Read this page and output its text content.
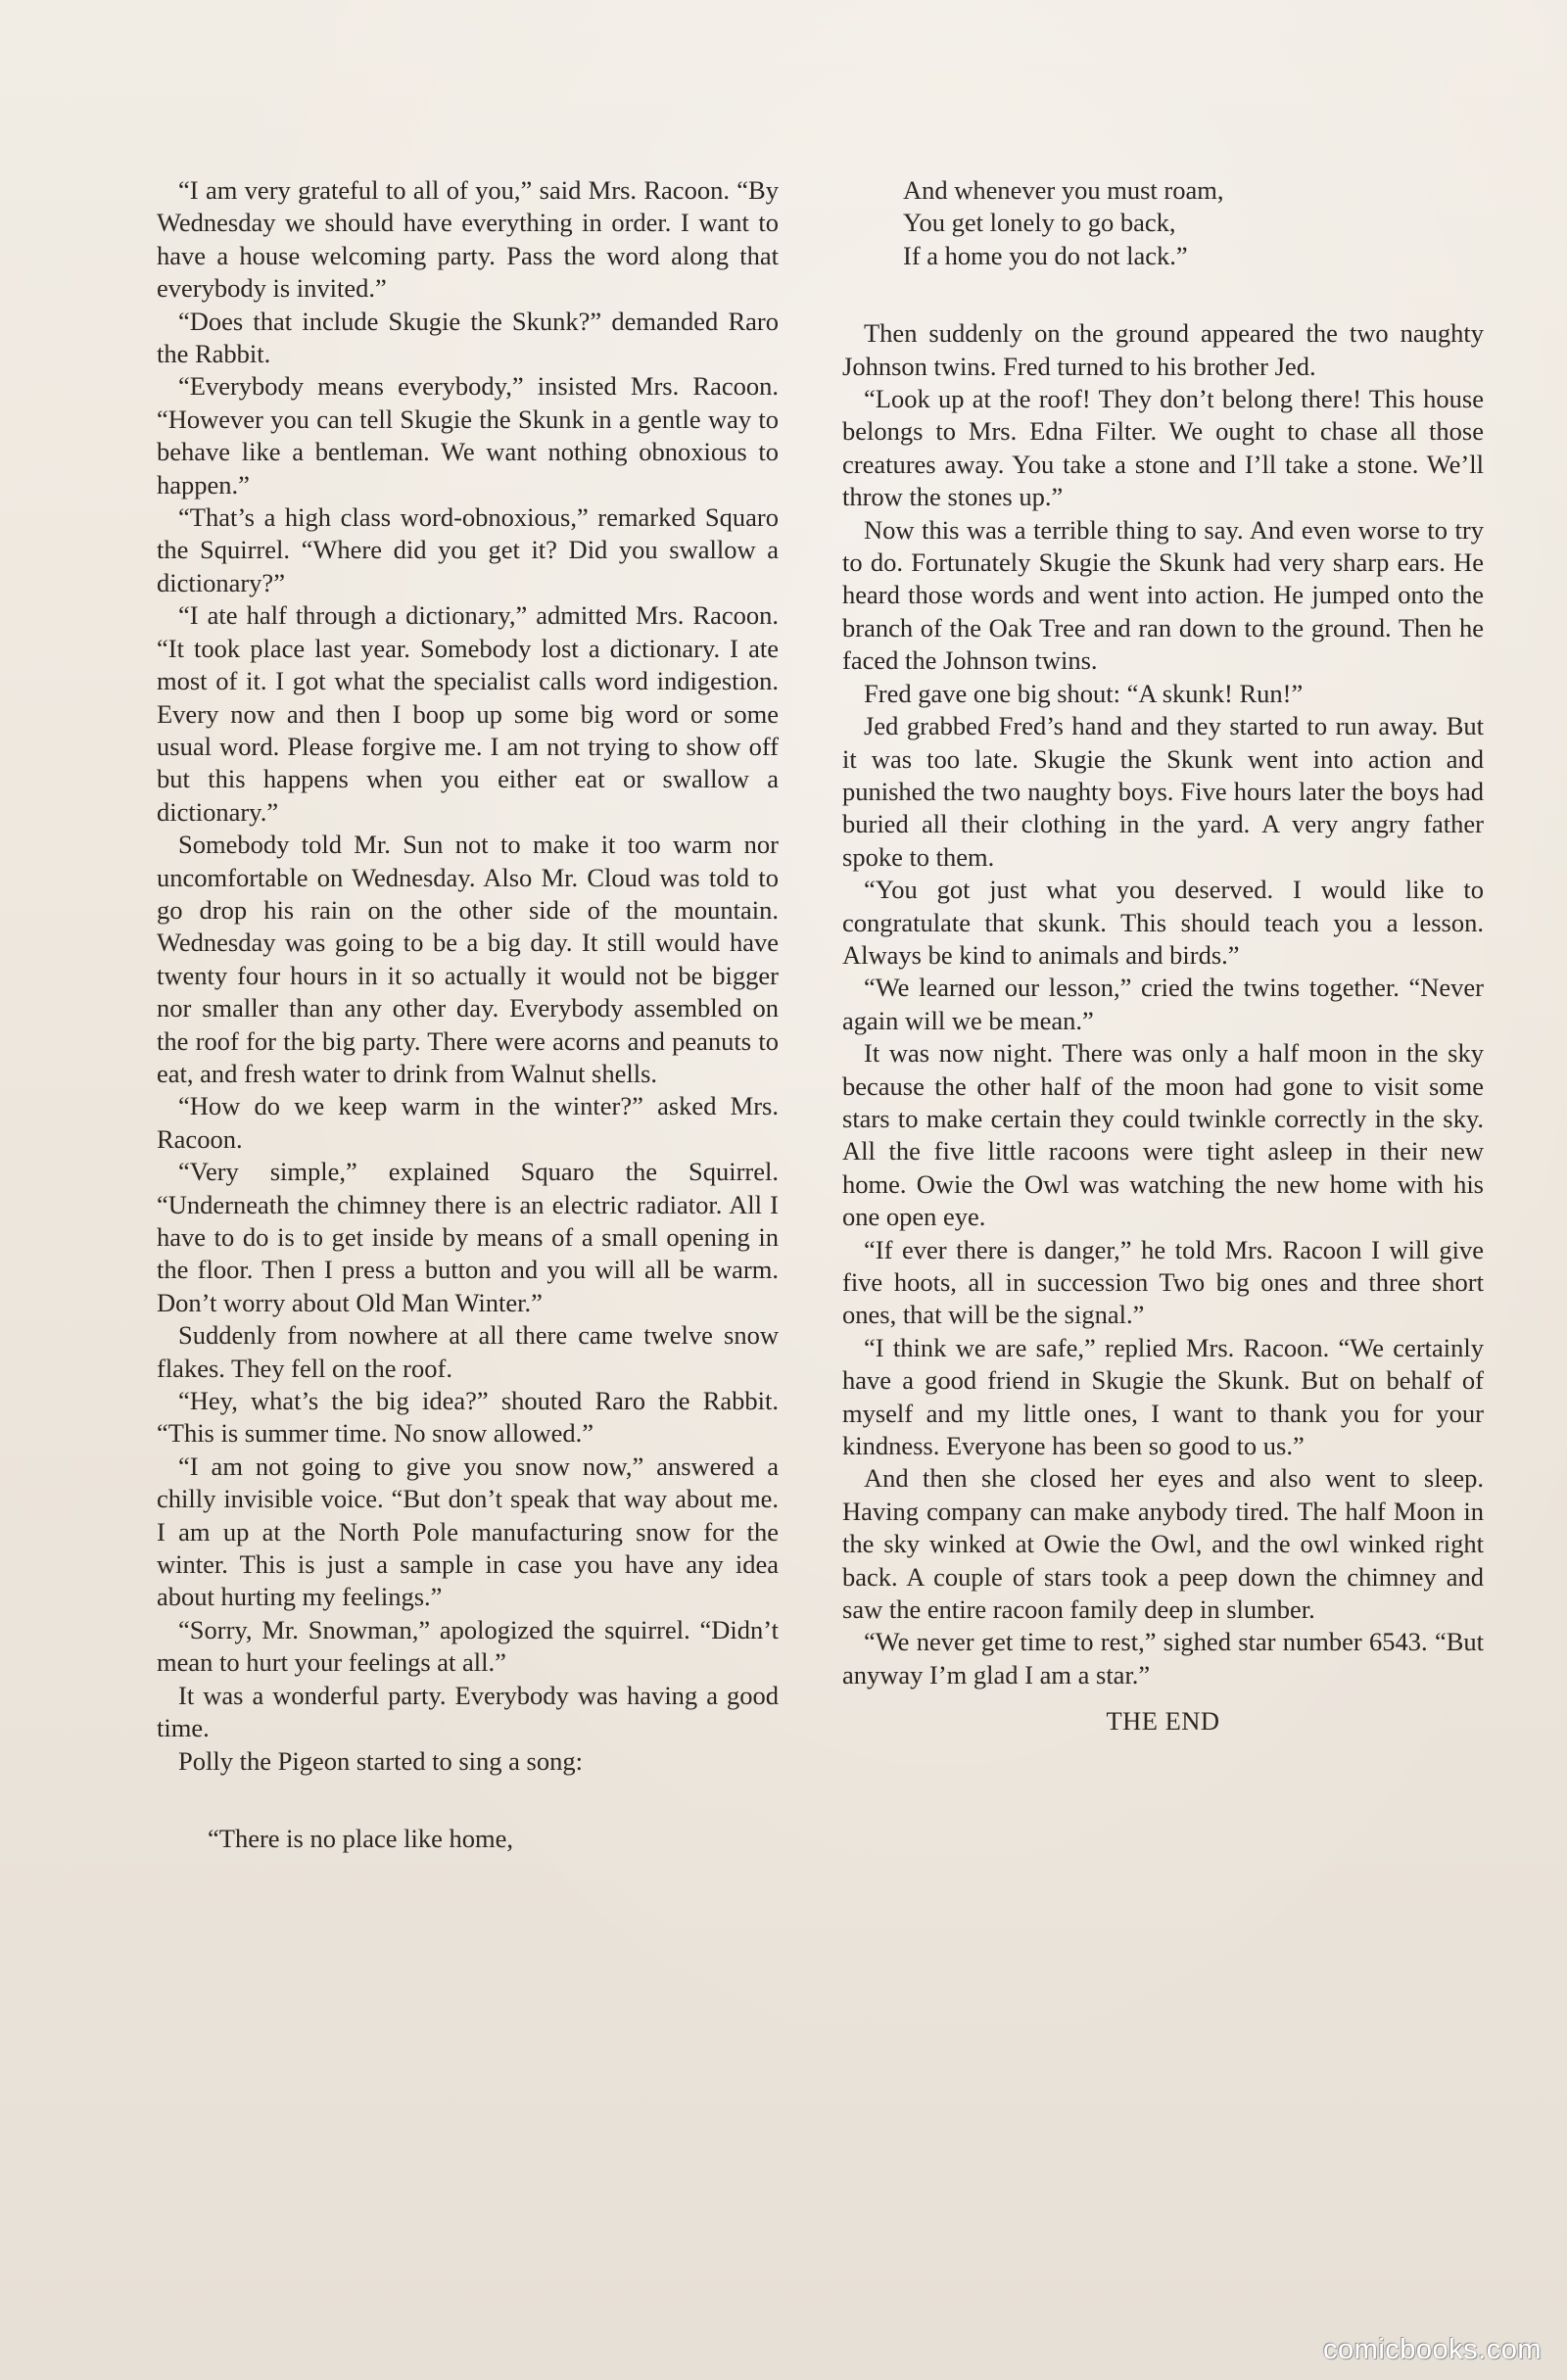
“I am very grateful to all of you,” said Mrs. Racoon. “By Wednesday we should have everything in order. I want to have a house welcoming party. Pass the word along that everybody is invited.”

“Does that include Skugie the Skunk?” demanded Raro the Rabbit.

“Everybody means everybody,” insisted Mrs. Racoon. “However you can tell Skugie the Skunk in a gentle way to behave like a bentleman. We want nothing obnoxious to happen.”

“That’s a high class word-obnoxious,” remarked Squaro the Squirrel. “Where did you get it? Did you swallow a dictionary?”

“I ate half through a dictionary,” admitted Mrs. Racoon. “It took place last year. Somebody lost a dictionary. I ate most of it. I got what the specialist calls word indigestion. Every now and then I boop up some big word or some usual word. Please forgive me. I am not trying to show off but this happens when you either eat or swallow a dictionary.”

Somebody told Mr. Sun not to make it too warm nor uncomfortable on Wednesday. Also Mr. Cloud was told to go drop his rain on the other side of the mountain. Wednesday was going to be a big day. It still would have twenty four hours in it so actually it would not be bigger nor smaller than any other day. Everybody assembled on the roof for the big party. There were acorns and peanuts to eat, and fresh water to drink from Walnut shells.

“How do we keep warm in the winter?” asked Mrs. Racoon.

“Very simple,” explained Squaro the Squirrel. “Underneath the chimney there is an electric radiator. All I have to do is to get inside by means of a small opening in the floor. Then I press a button and you will all be warm. Don’t worry about Old Man Winter.”

Suddenly from nowhere at all there came twelve snow flakes. They fell on the roof.

“Hey, what’s the big idea?” shouted Raro the Rabbit. “This is summer time. No snow allowed.”

“I am not going to give you snow now,” answered a chilly invisible voice. “But don’t speak that way about me. I am up at the North Pole manufacturing snow for the winter. This is just a sample in case you have any idea about hurting my feelings.”

“Sorry, Mr. Snowman,” apologized the squirrel. “Didn’t mean to hurt your feelings at all.”

It was a wonderful party. Everybody was having a good time.

Polly the Pigeon started to sing a song:

“There is no place like home,
And whenever you must roam,
You get lonely to go back,
If a home you do not lack.”

Then suddenly on the ground appeared the two naughty Johnson twins. Fred turned to his brother Jed.

“Look up at the roof! They don’t belong there! This house belongs to Mrs. Edna Filter. We ought to chase all those creatures away. You take a stone and I’ll take a stone. We’ll throw the stones up.”

Now this was a terrible thing to say. And even worse to try to do. Fortunately Skugie the Skunk had very sharp ears. He heard those words and went into action. He jumped onto the branch of the Oak Tree and ran down to the ground. Then he faced the Johnson twins.

Fred gave one big shout: “A skunk! Run!”

Jed grabbed Fred’s hand and they started to run away. But it was too late. Skugie the Skunk went into action and punished the two naughty boys. Five hours later the boys had buried all their clothing in the yard. A very angry father spoke to them.

“You got just what you deserved. I would like to congratulate that skunk. This should teach you a lesson. Always be kind to animals and birds.”

“We learned our lesson,” cried the twins together. “Never again will we be mean.”

It was now night. There was only a half moon in the sky because the other half of the moon had gone to visit some stars to make certain they could twinkle correctly in the sky. All the five little racoons were tight asleep in their new home. Owie the Owl was watching the new home with his one open eye.

“If ever there is danger,” he told Mrs. Racoon I will give five hoots, all in succession Two big ones and three short ones, that will be the signal.”

“I think we are safe,” replied Mrs. Racoon. “We certainly have a good friend in Skugie the Skunk. But on behalf of myself and my little ones, I want to thank you for your kindness. Everyone has been so good to us.”

And then she closed her eyes and also went to sleep. Having company can make anybody tired. The half Moon in the sky winked at Owie the Owl, and the owl winked right back. A couple of stars took a peep down the chimney and saw the entire racoon family deep in slumber.

“We never get time to rest,” sighed star number 6543. “But anyway I’m glad I am a star.”

THE END

comicbooks.com
